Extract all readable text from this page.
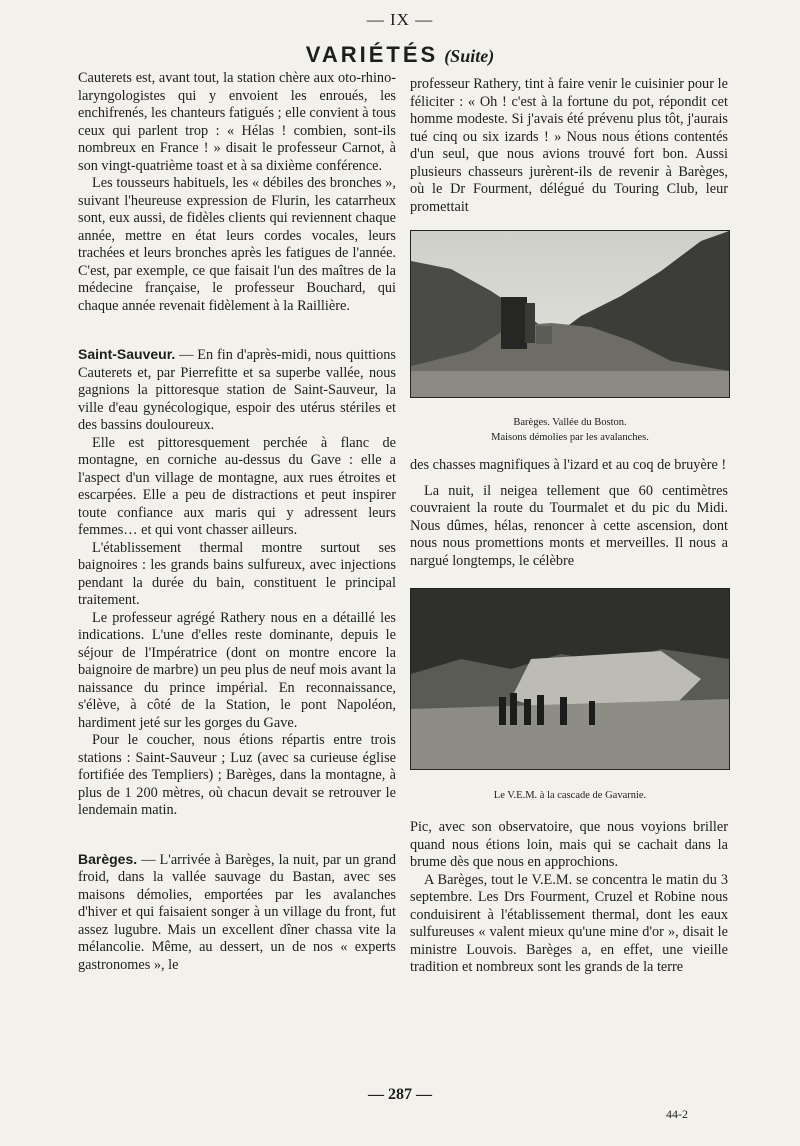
— IX —
VARIÉTÉS (Suite)

Cauterets est, avant tout, la station chère aux oto-rhino-laryngologistes qui y envoient les enroués, les enchifrenés, les chanteurs fatigués ; elle convient à tous ceux qui parlent trop : « Hélas ! combien, sont-ils nombreux en France ! » disait le professeur Carnot, à son vingt-quatrième toast et à sa dixième conférence.

Les tousseurs habituels, les « débiles des bronches », suivant l'heureuse expression de Flurin, les catarrheux sont, eux aussi, de fidèles clients qui reviennent chaque année, mettre en état leurs cordes vocales, leurs trachées et leurs bronches après les fatigues de l'année. C'est, par exemple, ce que faisait l'un des maîtres de la médecine française, le professeur Bouchard, qui chaque année revenait fidèlement à la Raillière.

Saint-Sauveur. — En fin d'après-midi, nous quittions Cauterets et, par Pierrefitte et sa superbe vallée, nous gagnions la pittoresque station de Saint-Sauveur, la ville d'eau gynécologique, espoir des utérus stériles et des bassins douloureux.

Elle est pittoresquement perchée à flanc de montagne, en corniche au-dessus du Gave : elle a l'aspect d'un village de montagne, aux rues étroites et escarpées. Elle a peu de distractions et peut inspirer toute confiance aux maris qui y adressent leurs femmes… et qui vont chasser ailleurs.

L'établissement thermal montre surtout ses baignoires : les grands bains sulfureux, avec injections pendant la durée du bain, constituent le principal traitement.

Le professeur agrégé Rathery nous en a détaillé les indications. L'une d'elles reste dominante, depuis le séjour de l'Impératrice (dont on montre encore la baignoire de marbre) un peu plus de neuf mois avant la naissance du prince impérial. En reconnaissance, s'élève, à côté de la Station, le pont Napoléon, hardiment jeté sur les gorges du Gave.

Pour le coucher, nous étions répartis entre trois stations : Saint-Sauveur ; Luz (avec sa curieuse église fortifiée des Templiers) ; Barèges, dans la montagne, à plus de 1 200 mètres, où chacun devait se retrouver le lendemain matin.

Barèges. — L'arrivée à Barèges, la nuit, par un grand froid, dans la vallée sauvage du Bastan, avec ses maisons démolies, emportées par les avalanches d'hiver et qui faisaient songer à un village du front, fut assez lugubre. Mais un excellent dîner chassa vite la mélancolie. Même, au dessert, un de nos « experts gastronomes », le

professeur Rathery, tint à faire venir le cuisinier pour le féliciter : « Oh ! c'est à la fortune du pot, répondit cet homme modeste. Si j'avais été prévenu plus tôt, j'aurais tué cinq ou six izards ! » Nous nous étions contentés d'un seul, que nous avions trouvé fort bon. Aussi plusieurs chasseurs jurèrent-ils de revenir à Barèges, où le Dr Fourment, délégué du Touring Club, leur promettait

Barèges. Vallée du Boston.
Maisons démolies par les avalanches.

des chasses magnifiques à l'izard et au coq de bruyère !

La nuit, il neigea tellement que 60 centimètres couvraient la route du Tourmalet et du pic du Midi. Nous dûmes, hélas, renoncer à cette ascension, dont nous nous promettions monts et merveilles. Il nous a nargué longtemps, le célèbre

Le V.E.M. à la cascade de Gavarnie.

Pic, avec son observatoire, que nous voyions briller quand nous étions loin, mais qui se cachait dans la brume dès que nous en approchions.

A Barèges, tout le V.E.M. se concentra le matin du 3 septembre. Les Drs Fourment, Cruzel et Robine nous conduisirent à l'établissement thermal, dont les eaux sulfureuses « valent mieux qu'une mine d'or », disait le ministre Louvois. Barèges a, en effet, une vieille tradition et nombreux sont les grands de la terre

— 287 —
44-2
